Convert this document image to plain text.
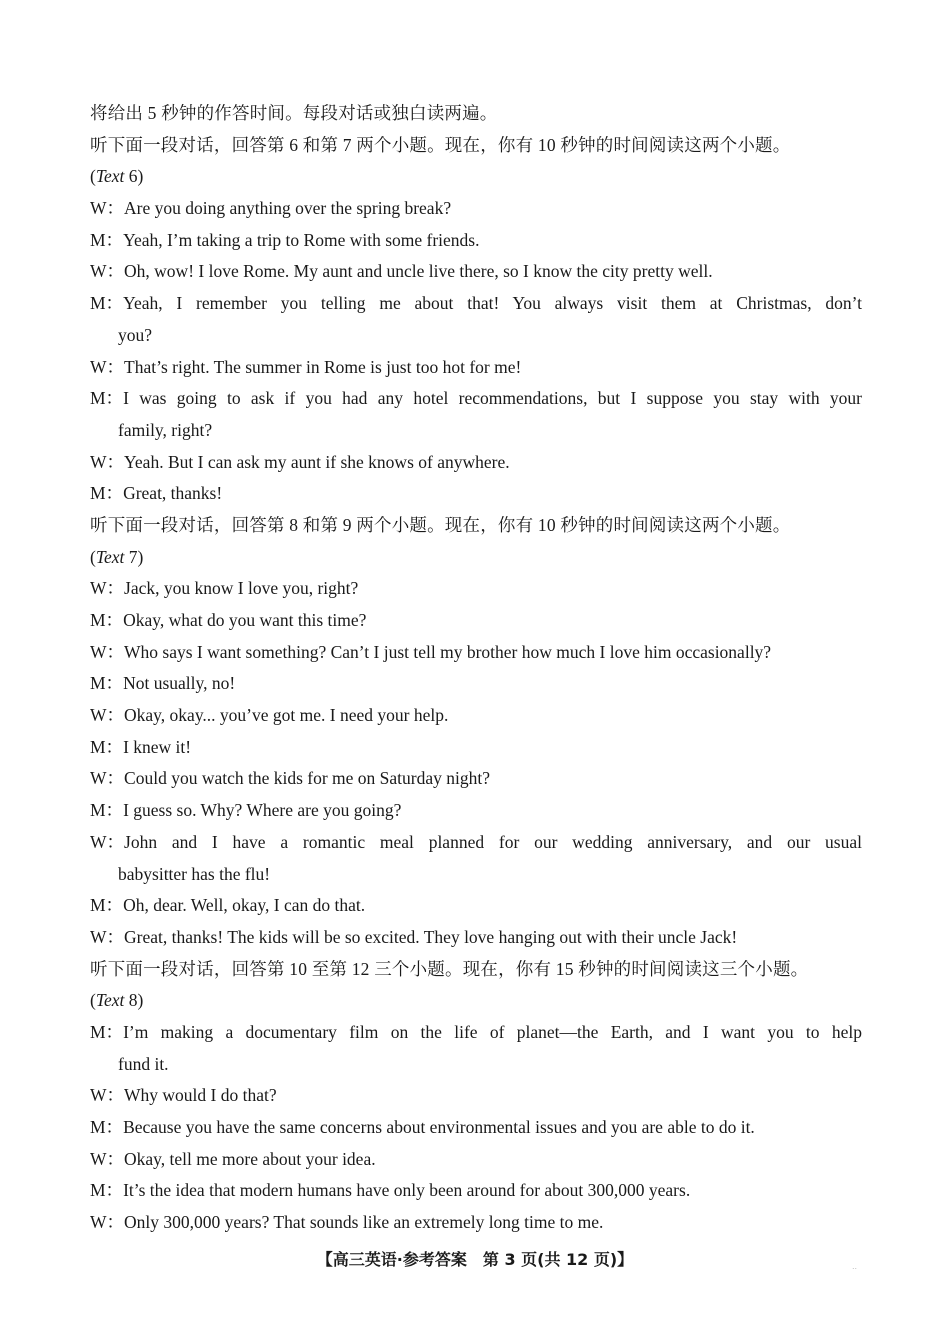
将给出 5 秒钟的作答时间。每段对话或独白读两遍。
听下面一段对话，回答第 6 和第 7 两个小题。现在，你有 10 秒钟的时间阅读这两个小题。
(Text 6)
W： Are you doing anything over the spring break?
M： Yeah, I’m taking a trip to Rome with some friends.
W： Oh, wow! I love Rome. My aunt and uncle live there, so I know the city pretty well.
M： Yeah, I remember you telling me about that! You always visit them at Christmas, don’t
you?
W： That’s right. The summer in Rome is just too hot for me!
M： I was going to ask if you had any hotel recommendations, but I suppose you stay with your
family, right?
W： Yeah. But I can ask my aunt if she knows of anywhere.
M： Great, thanks!
听下面一段对话，回答第 8 和第 9 两个小题。现在，你有 10 秒钟的时间阅读这两个小题。
(Text 7)
W： Jack, you know I love you, right?
M： Okay, what do you want this time?
W： Who says I want something? Can’t I just tell my brother how much I love him occasionally?
M： Not usually, no!
W： Okay, okay... you’ve got me. I need your help.
M： I knew it!
W： Could you watch the kids for me on Saturday night?
M： I guess so. Why? Where are you going?
W： John and I have a romantic meal planned for our wedding anniversary, and our usual
babysitter has the flu!
M： Oh, dear. Well, okay, I can do that.
W： Great, thanks! The kids will be so excited. They love hanging out with their uncle Jack!
听下面一段对话，回答第 10 至第 12 三个小题。现在，你有 15 秒钟的时间阅读这三个小题。
(Text 8)
M： I’m making a documentary film on the life of planet—the Earth, and I want you to help
fund it.
W： Why would I do that?
M： Because you have the same concerns about environmental issues and you are able to do it.
W： Okay, tell me more about your idea.
M： It’s the idea that modern humans have only been around for about 300,000 years.
W： Only 300,000 years? That sounds like an extremely long time to me.
【高三英语·参考答案　第 3 页(共 12 页)】	..
